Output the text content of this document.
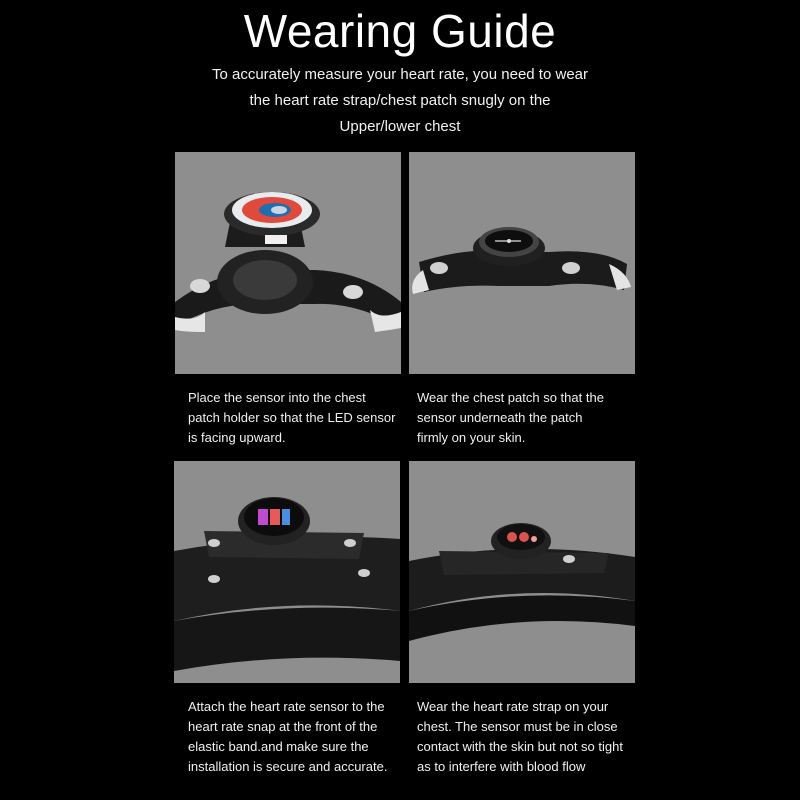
Wearing Guide

To accurately measure your heart rate, you need to wear
the heart rate strap/chest patch snugly on the
Upper/lower chest

Place the sensor into the chest
patch holder so that the LED sensor
is facing upward.

Wear the chest patch so that the
sensor underneath the patch
firmly on your skin.

Attach the heart rate sensor to the
heart rate snap at the front of the
elastic band.and make sure the
installation is secure and accurate.

Wear the heart rate strap on your
chest. The sensor must be in close
contact with the skin but not so tight
as to interfere with blood flow
